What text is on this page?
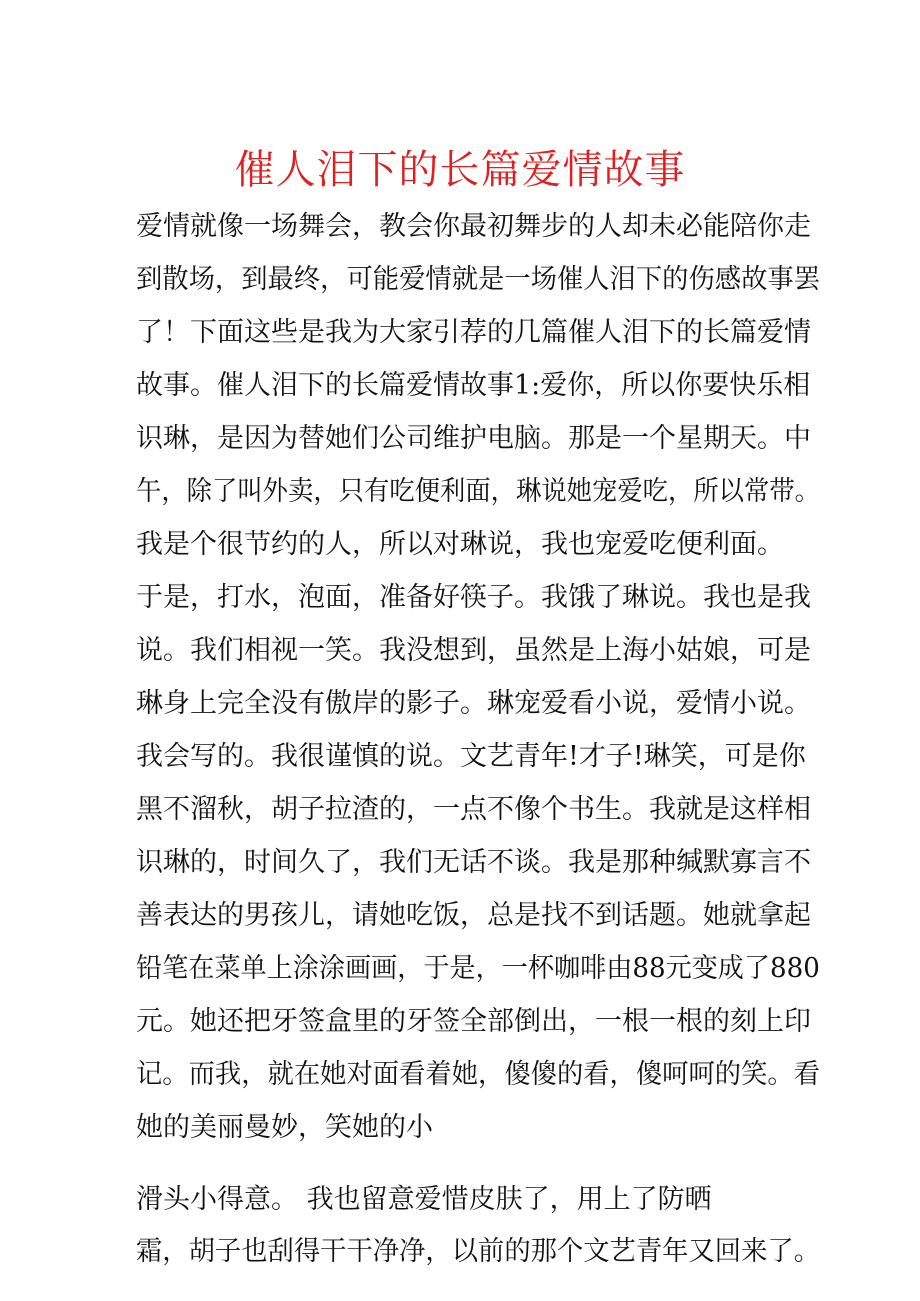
催人泪下的长篇爱情故事
爱情就像一场舞会，教会你最初舞步的人却未必能陪你走
到散场，到最终，可能爱情就是一场催人泪下的伤感故事罢
了！下面这些是我为大家引荐的几篇催人泪下的长篇爱情
故事。催人泪下的长篇爱情故事1:爱你，所以你要快乐相
识琳，是因为替她们公司维护电脑。那是一个星期天。中
午，除了叫外卖，只有吃便利面，琳说她宠爱吃，所以常带。
我是个很节约的人，所以对琳说，我也宠爱吃便利面。
于是，打水，泡面，准备好筷子。我饿了琳说。我也是我
说。我们相视一笑。我没想到，虽然是上海小姑娘，可是
琳身上完全没有傲岸的影子。琳宠爱看小说，爱情小说。
我会写的。我很谨慎的说。文艺青年!才子!琳笑，可是你
黑不溜秋，胡子拉渣的，一点不像个书生。我就是这样相
识琳的，时间久了，我们无话不谈。我是那种缄默寡言不
善表达的男孩儿，请她吃饭，总是找不到话题。她就拿起
铅笔在菜单上涂涂画画，于是，一杯咖啡由88元变成了880
元。她还把牙签盒里的牙签全部倒出，一根一根的刻上印
记。而我，就在她对面看着她，傻傻的看，傻呵呵的笑。看
她的美丽曼妙，笑她的小
滑头小得意。 我也留意爱惜皮肤了，用上了防晒
霜，胡子也刮得干干净净，以前的那个文艺青年又回来了。
